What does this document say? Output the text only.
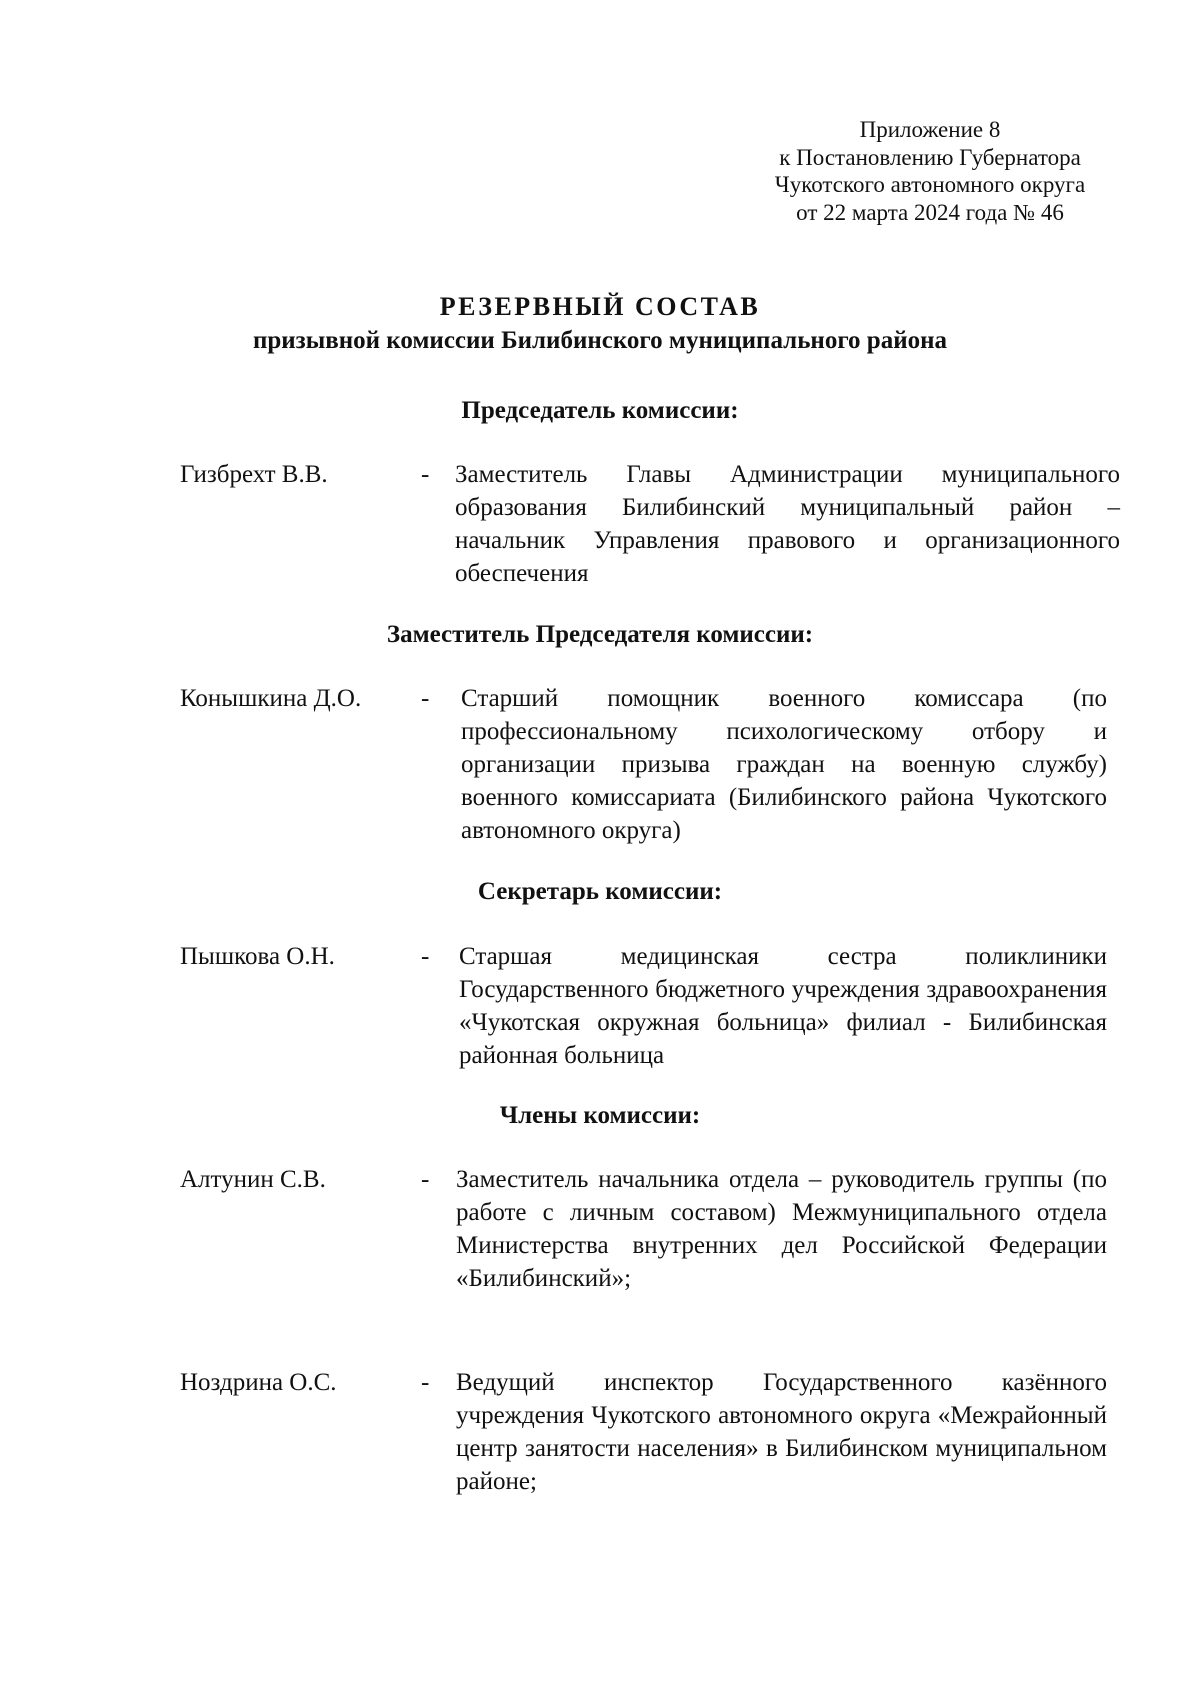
Приложение 8
к Постановлению Губернатора
Чукотского автономного округа
от 22 марта 2024 года № 46
РЕЗЕРВНЫЙ СОСТАВ
призывной комиссии Билибинского муниципального района
Председатель комиссии:
Гизбрехт В.В.	- Заместитель Главы Администрации муниципального образования Билибинский муниципальный район – начальник Управления правового и организационного обеспечения
Заместитель Председателя комиссии:
Конышкина Д.О. - Старший помощник военного комиссара (по профессиональному психологическому отбору и организации призыва граждан на военную службу) военного комиссариата (Билибинского района Чукотского автономного округа)
Секретарь комиссии:
Пышкова О.Н.	- Старшая медицинская сестра поликлиники Государственного бюджетного учреждения здравоохранения «Чукотская окружная больница» филиал - Билибинская районная больница
Члены комиссии:
Алтунин С.В.	- Заместитель начальника отдела – руководитель группы (по работе с личным составом) Межмуниципального отдела Министерства внутренних дел Российской Федерации «Билибинский»;
Ноздрина О.С.	- Ведущий инспектор Государственного казённого учреждения Чукотского автономного округа «Межрайонный центр занятости населения» в Билибинском муниципальном районе;
